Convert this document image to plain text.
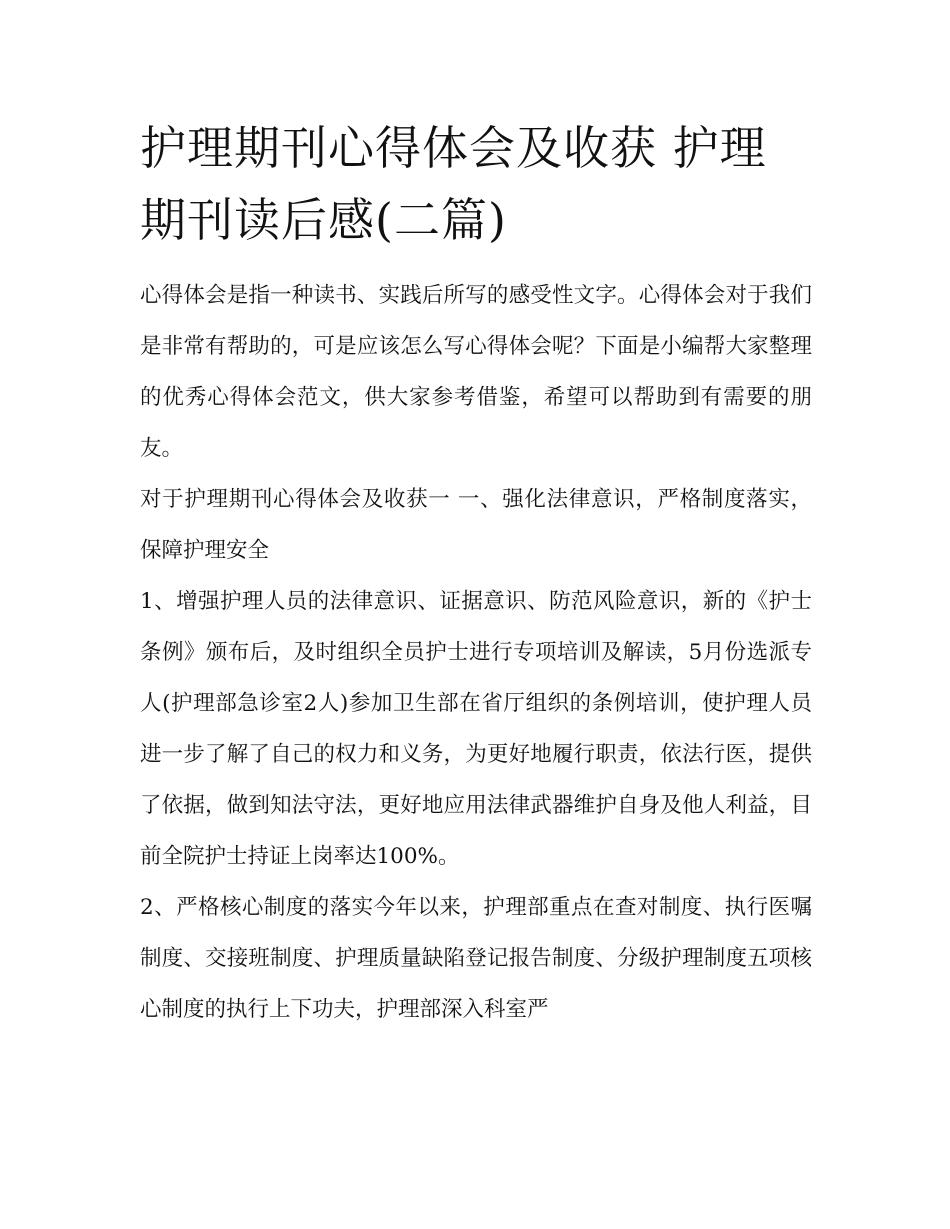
护理期刊心得体会及收获 护理期刊读后感(二篇)

心得体会是指一种读书、实践后所写的感受性文字。心得体会对于我们是非常有帮助的，可是应该怎么写心得体会呢？下面是小编帮大家整理的优秀心得体会范文，供大家参考借鉴，希望可以帮助到有需要的朋友。

对于护理期刊心得体会及收获一 一、强化法律意识，严格制度落实，保障护理安全

1、增强护理人员的法律意识、证据意识、防范风险意识，新的《护士条例》颁布后，及时组织全员护士进行专项培训及解读，5月份选派专人(护理部急诊室2人)参加卫生部在省厅组织的条例培训，使护理人员进一步了解了自己的权力和义务，为更好地履行职责，依法行医，提供了依据，做到知法守法，更好地应用法律武器维护自身及他人利益，目前全院护士持证上岗率达100%。

2、严格核心制度的落实今年以来，护理部重点在查对制度、执行医嘱制度、交接班制度、护理质量缺陷登记报告制度、分级护理制度五项核心制度的执行上下功夫，护理部深入科室严
